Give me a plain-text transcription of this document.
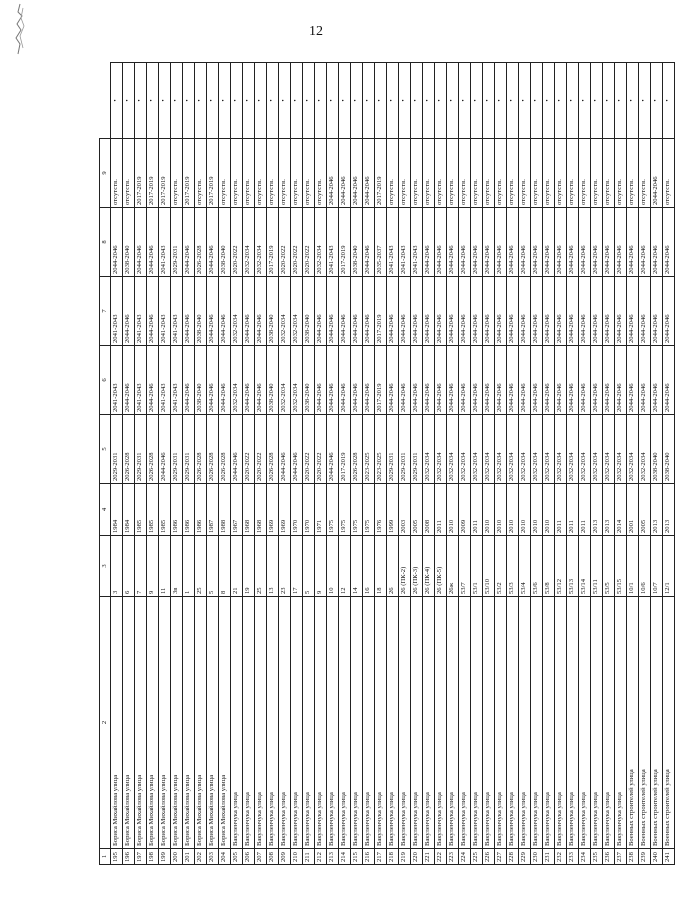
12
1	2	3	4	5	6	7	8	9	
195	Бориса Михайлова улица	3	1984	2029-2031	2041-2043	2041-2043	2044-2046	отсутств.	•
196	Бориса Михайлова улица	6	1984	2026-2028	2044-2046	2044-2046	2038-2040	отсутств.	•
197	Бориса Михайлова улица	7	1985	2029-2031	2041-2043	2041-2043	2044-2046	2017-2019	•
198	Бориса Михайлова улица	9	1985	2026-2028	2044-2046	2044-2046	2044-2046	2017-2019	•
199	Бориса Михайлова улица	11	1985	2044-2046	2041-2043	2041-2043	2041-2043	2017-2019	•
200	Бориса Михайлова улица	3в	1986	2029-2031	2041-2043	2041-2043	2029-2031	отсутств.	•
201	Бориса Михайлова улица	1	1986	2029-2031	2044-2046	2044-2046	2044-2046	2017-2019	•
202	Бориса Михайлова улица	25	1986	2026-2028	2038-2040	2038-2040	2026-2028	отсутств.	•
203	Бориса Михайлова улица	5	1987	2026-2028	2044-2046	2044-2046	2044-2046	2017-2019	•
204	Бориса Михайлова улица	8	1988	2026-2028	2044-2046	2044-2046	2038-2040	отсутств.	•
205	Вакуленчука улица	21	1967	2044-2046	2032-2034	2032-2034	2020-2022	отсутств.	•
206	Вакуленчука улица	19	1968	2020-2022	2044-2046	2044-2046	2032-2034	отсутств.	•
207	Вакуленчука улица	25	1968	2020-2022	2044-2046	2044-2046	2032-2034	отсутств.	•
208	Вакуленчука улица	13	1969	2026-2028	2038-2040	2038-2040	2017-2019	отсутств.	•
209	Вакуленчука улица	23	1969	2044-2046	2032-2034	2032-2034	2020-2022	отсутств.	•
210	Вакуленчука улица	17	1970	2044-2046	2032-2034	2032-2034	2020-2022	отсутств.	•
211	Вакуленчука улица	5	1970	2020-2022	2038-2040	2038-2040	2020-2022	отсутств.	•
212	Вакуленчука улица	9	1971	2020-2022	2044-2046	2044-2046	2032-2034	отсутств.	•
213	Вакуленчука улица	10	1975	2044-2046	2044-2046	2044-2046	2041-2043	2044-2046	•
214	Вакуленчука улица	12	1975	2017-2019	2044-2046	2044-2046	2017-2019	2044-2046	•
215	Вакуленчука улица	14	1975	2026-2028	2044-2046	2044-2046	2038-2040	2044-2046	•
216	Вакуленчука улица	16	1975	2023-2025	2044-2046	2044-2046	2044-2046	2044-2046	•
217	Вакуленчука улица	18	1976	2023-2025	2017-2019	2017-2019	2035-2037	2017-2019	•
218	Вакуленчука улица	26	1999	2029-2031	2044-2046	2044-2046	2041-2043	отсутств.	•
219	Вакуленчука улица	26 (ПК-2)	2003	2029-2031	2044-2046	2044-2046	2041-2043	отсутств.	•
220	Вакуленчука улица	26 (ПК-3)	2005	2029-2031	2044-2046	2044-2046	2041-2043	отсутств.	•
221	Вакуленчука улица	26 (ПК-4)	2008	2032-2034	2044-2046	2044-2046	2044-2046	отсутств.	•
222	Вакуленчука улица	26 (ПК-5)	2011	2032-2034	2044-2046	2044-2046	2044-2046	отсутств.	•
223	Вакуленчука улица	26ж	2010	2032-2034	2044-2046	2044-2046	2044-2046	отсутств.	•
224	Вакуленчука улица	53/7	2009	2032-2034	2044-2046	2044-2046	2044-2046	отсутств.	•
225	Вакуленчука улица	53/1	2011	2032-2034	2044-2046	2044-2046	2044-2046	отсутств.	•
226	Вакуленчука улица	53/10	2010	2032-2034	2044-2046	2044-2046	2044-2046	отсутств.	•
227	Вакуленчука улица	53/2	2010	2032-2034	2044-2046	2044-2046	2044-2046	отсутств.	•
228	Вакуленчука улица	53/3	2010	2032-2034	2044-2046	2044-2046	2044-2046	отсутств.	•
229	Вакуленчука улица	53/4	2010	2032-2034	2044-2046	2044-2046	2044-2046	отсутств.	•
230	Вакуленчука улица	53/6	2010	2032-2034	2044-2046	2044-2046	2044-2046	отсутств.	•
231	Вакуленчука улица	53/8	2010	2032-2034	2044-2046	2044-2046	2044-2046	отсутств.	•
232	Вакуленчука улица	53/12	2011	2032-2034	2044-2046	2044-2046	2044-2046	отсутств.	•
233	Вакуленчука улица	53/13	2011	2032-2034	2044-2046	2044-2046	2044-2046	отсутств.	•
234	Вакуленчука улица	53/14	2011	2032-2034	2044-2046	2044-2046	2044-2046	отсутств.	•
235	Вакуленчука улица	53/11	2013	2032-2034	2044-2046	2044-2046	2044-2046	отсутств.	•
236	Вакуленчука улица	53/5	2013	2032-2034	2044-2046	2044-2046	2044-2046	отсутств.	•
237	Вакуленчука улица	53/15	2014	2032-2034	2044-2046	2044-2046	2044-2046	отсутств.	•
238	Военных строителей улица	10/1	2001	2032-2034	2044-2046	2044-2046	2044-2046	отсутств.	•
239	Военных строителей улица	10/6	2005	2032-2034	2044-2046	2044-2046	2044-2046	отсутств.	•
240	Военных строителей улица	10/7	2013	2038-2040	2044-2046	2044-2046	2044-2046	2044-2046	•
241	Военных строителей улица	12/1	2013	2038-2040	2044-2046	2044-2046	2044-2046	отсутств.	•
